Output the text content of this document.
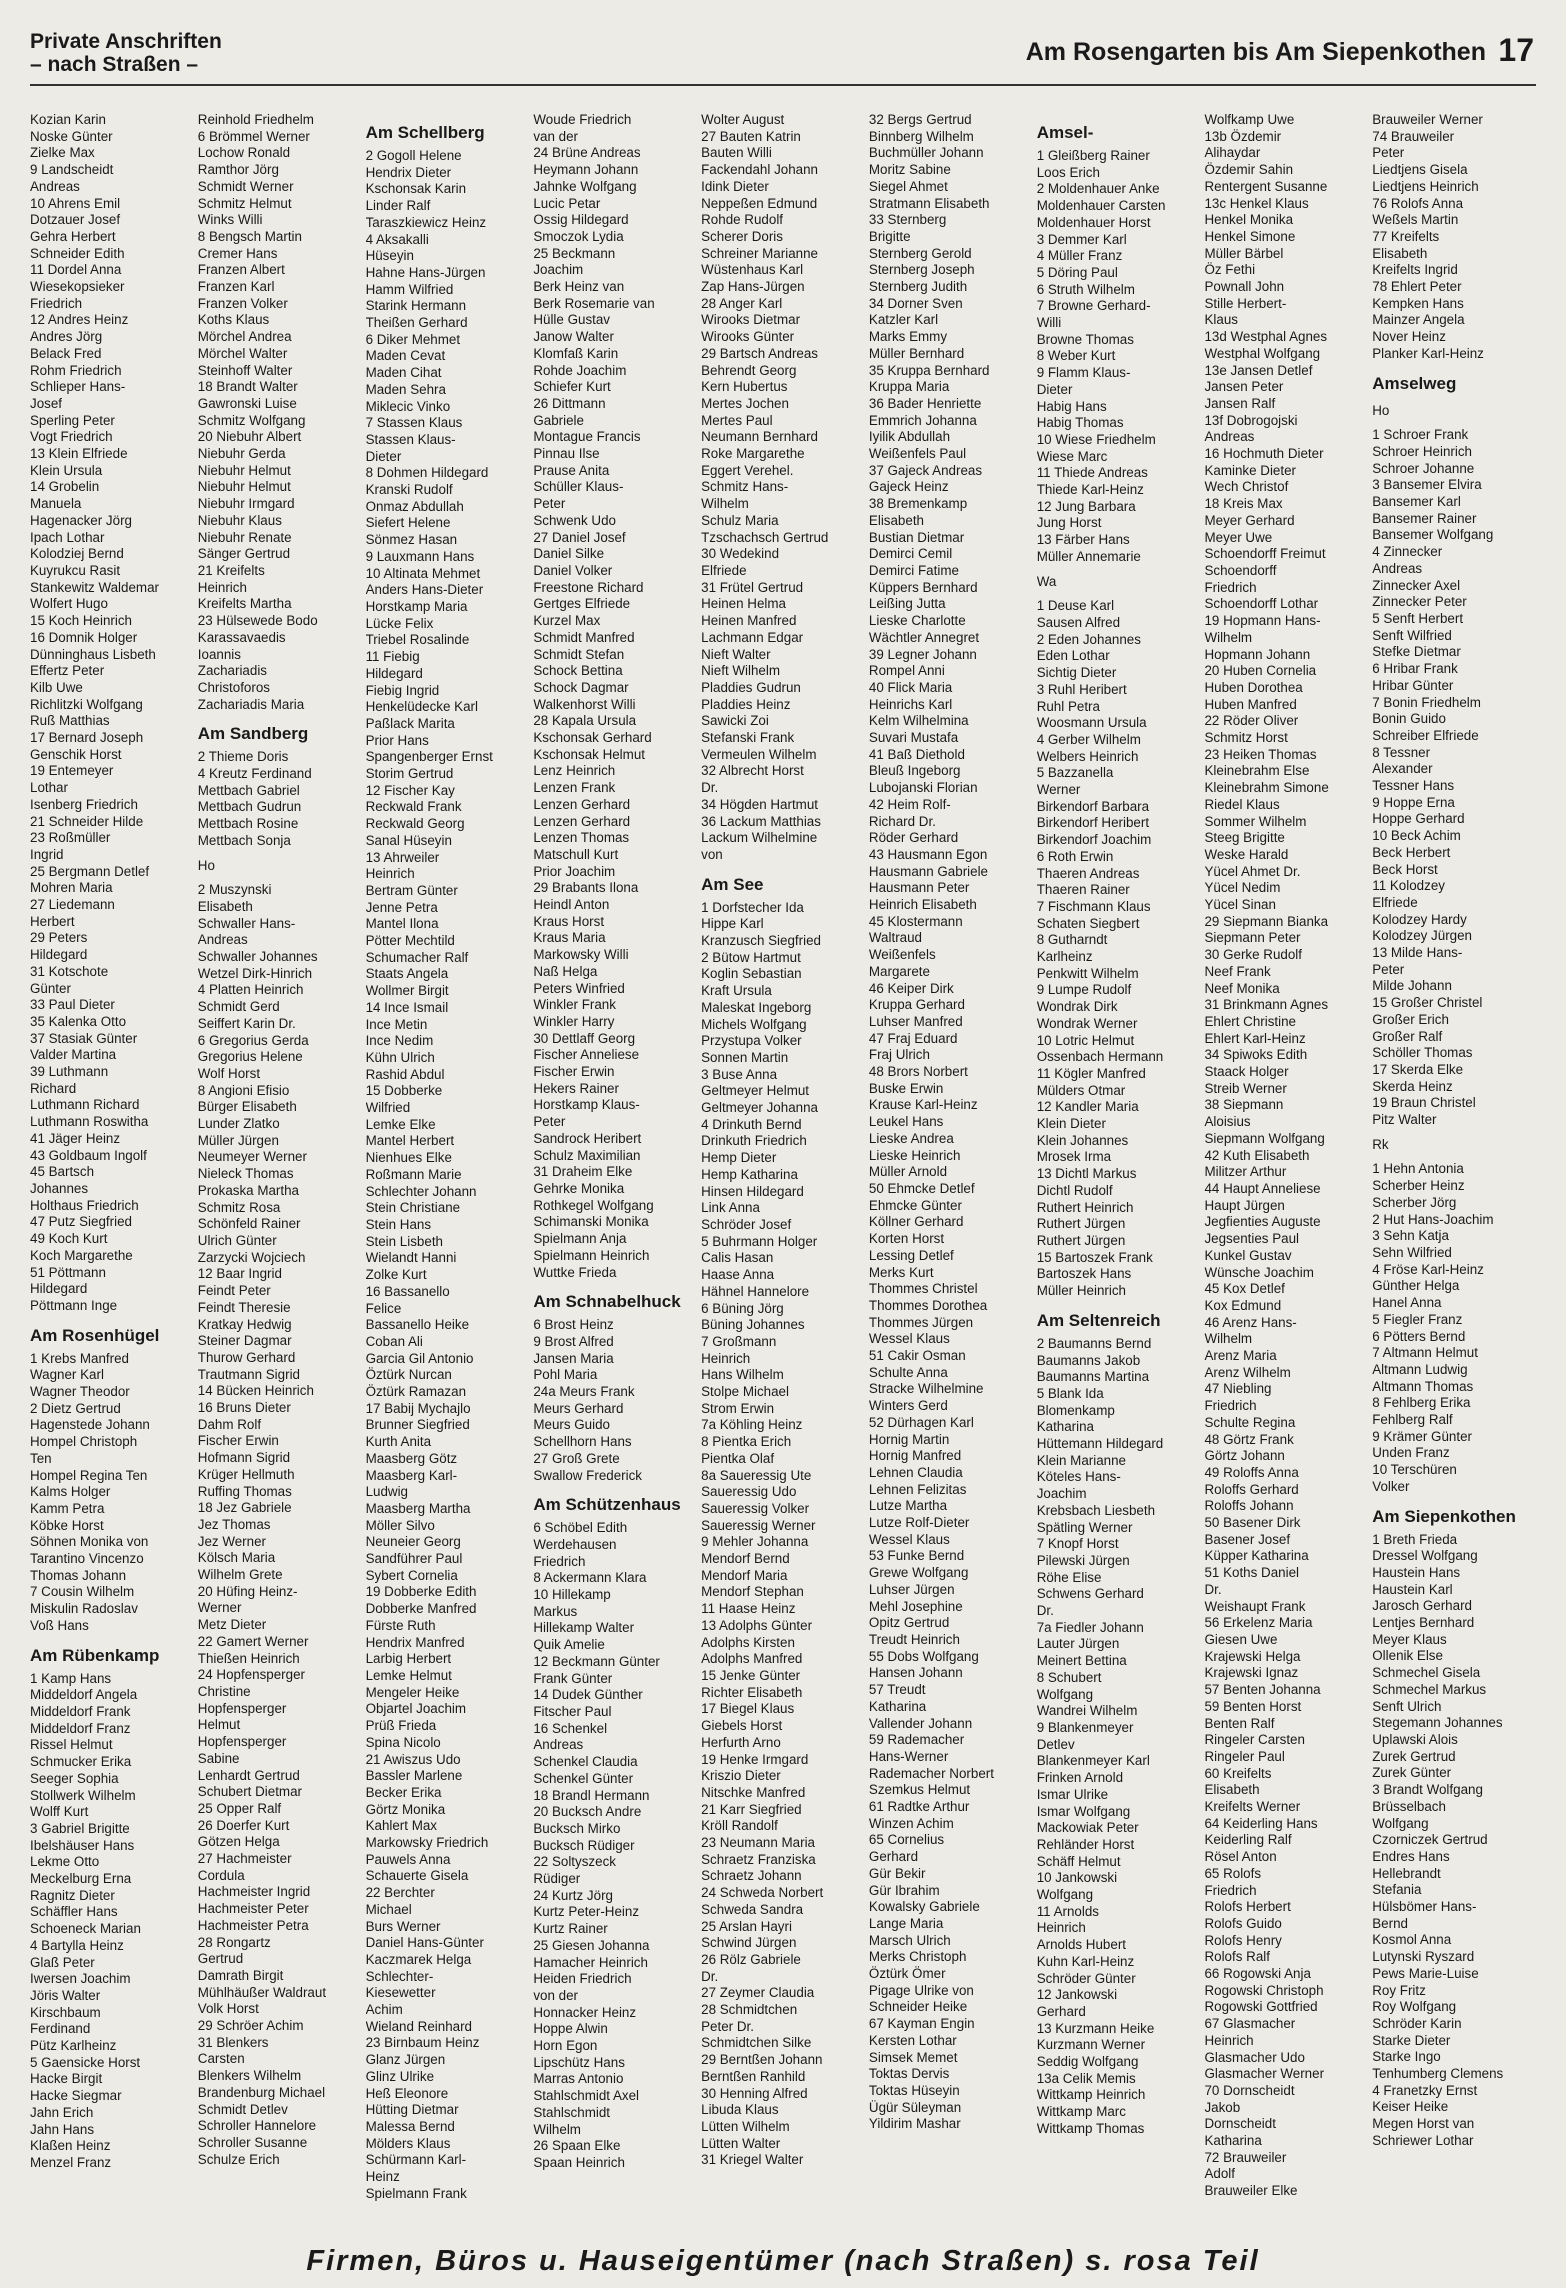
Private Anschriften
– nach Straßen –	Am Rosengarten bis Am Siepenkothen 17
Kozian Karin
Noske Günter
Zielke Max
9 Landscheidt
Andreas
10 Ahrens Emil
Dotzauer Josef
Gehra Herbert
Schneider Edith
11 Dordel Anna
Wiesekopsieker
Friedrich
12 Andres Heinz
Andres Jörg
Belack Fred
Rohm Friedrich
Schlieper Hans-
Josef
Sperling Peter
Vogt Friedrich
13 Klein Elfriede
Klein Ursula
14 Grobelin
Manuela
Hagenacker Jörg
Ipach Lothar
Kolodziej Bernd
Kuyrukcu Rasit
Stankewitz Waldemar
Wolfert Hugo
15 Koch Heinrich
16 Domnik Holger
Dünninghaus Lisbeth
Effertz Peter
Kilb Uwe
Richlitzki Wolfgang
Ruß Matthias
17 Bernard Joseph
Genschik Horst
19 Entemeyer
Lothar
Isenberg Friedrich
21 Schneider Hilde
23 Roßmüller
Ingrid
25 Bergmann Detlef
Mohren Maria
27 Liedemann
Herbert
29 Peters
Hildegard
31 Kotschote
Günter
33 Paul Dieter
35 Kalenka Otto
37 Stasiak Günter
Valder Martina
39 Luthmann
Richard
Luthmann Richard
Luthmann Roswitha
41 Jäger Heinz
43 Goldbaum Ingolf
45 Bartsch
Johannes
Holthaus Friedrich
47 Putz Siegfried
49 Koch Kurt
Koch Margarethe
51 Pöttmann
Hildegard
Pöttmann Inge
Am Rosenhügel
1 Krebs Manfred
Wagner Karl
Wagner Theodor
2 Dietz Gertrud
Hagenstede Johann
Hompel Christoph
Ten
Hompel Regina Ten
Kalms Holger
Kamm Petra
Köbke Horst
Söhnen Monika von
Tarantino Vincenzo
Thomas Johann
7 Cousin Wilhelm
Miskulin Radoslav
Voß Hans
Am Rübenkamp
1 Kamp Hans
Middeldorf Angela
Middeldorf Frank
Middeldorf Franz
Rissel Helmut
Schmucker Erika
Seeger Sophia
Stollwerk Wilhelm
Wolff Kurt
3 Gabriel Brigitte
Ibelshäuser Hans
Lekme Otto
Meckelburg Erna
Ragnitz Dieter
Schäffler Hans
Schoeneck Marian
4 Bartylla Heinz
Glaß Peter
Iwersen Joachim
Jöris Walter
Kirschbaum
Ferdinand
Pütz Karlheinz
5 Gaensicke Horst
Hacke Birgit
Hacke Siegmar
Jahn Erich
Jahn Hans
Klaßen Heinz
Menzel Franz
Reinhold Friedhelm
6 Brömmel Werner
Lochow Ronald
Ramthor Jörg
Schmidt Werner
Schmitz Helmut
Winks Willi
8 Bengsch Martin
Cremer Hans
Franzen Albert
Franzen Karl
Franzen Volker
Koths Klaus
Mörchel Andrea
Mörchel Walter
Steinhoff Walter
18 Brandt Walter
Gawronski Luise
Schmitz Wolfgang
20 Niebuhr Albert
Niebuhr Gerda
Niebuhr Helmut
Niebuhr Helmut
Niebuhr Irmgard
Niebuhr Klaus
Niebuhr Renate
Sänger Gertrud
21 Kreifelts
Heinrich
Kreifelts Martha
23 Hülsewede Bodo
Karassavaedis
Ioannis
Zachariadis
Christoforos
Zachariadis Maria
Am Sandberg
2 Thieme Doris
4 Kreutz Ferdinand
Mettbach Gabriel
Mettbach Gudrun
Mettbach Rosine
Mettbach Sonja
Ho
2 Muszynski
Elisabeth
Schwaller Hans-
Andreas
Schwaller Johannes
Wetzel Dirk-Hinrich
4 Platten Heinrich
Schmidt Gerd
Seiffert Karin Dr.
6 Gregorius Gerda
Gregorius Helene
Wolf Horst
8 Angioni Efisio
Bürger Elisabeth
Lunder Zlatko
Müller Jürgen
Neumeyer Werner
Nieleck Thomas
Prokaska Martha
Schmitz Rosa
Schönfeld Rainer
Ulrich Günter
Zarzycki Wojciech
12 Baar Ingrid
Feindt Peter
Feindt Theresie
Kratkay Hedwig
Steiner Dagmar
Thurow Gerhard
Trautmann Sigrid
14 Bücken Heinrich
16 Bruns Dieter
Dahm Rolf
Fischer Erwin
Hofmann Sigrid
Krüger Hellmuth
Ruffing Thomas
18 Jez Gabriele
Jez Thomas
Jez Werner
Kölsch Maria
Wilhelm Grete
20 Hüfing Heinz-
Werner
Metz Dieter
22 Gamert Werner
Thießen Heinrich
24 Hopfensperger
Christine
Hopfensperger
Helmut
Hopfensperger
Sabine
Lenhardt Gertrud
Schubert Dietmar
25 Opper Ralf
26 Doerfer Kurt
Götzen Helga
27 Hachmeister
Cordula
Hachmeister Ingrid
Hachmeister Peter
Hachmeister Petra
28 Rongartz
Gertrud
Damrath Birgit
Mühlhäußer Waldraut
Volk Horst
29 Schröer Achim
31 Blenkers
Carsten
Blenkers Wilhelm
Brandenburg Michael
Schmidt Detlev
Schroller Hannelore
Schroller Susanne
Schulze Erich
Am Schellberg
2 Gogoll Helene
Hendrix Dieter
Kschonsak Karin
Linder Ralf
Taraszkiewicz Heinz
4 Aksakalli
Hüseyin
Hahne Hans-Jürgen
Hamm Wilfried
Starink Hermann
Theißen Gerhard
6 Diker Mehmet
Maden Cevat
Maden Cihat
Maden Sehra
Miklecic Vinko
7 Stassen Klaus
Stassen Klaus-
Dieter
8 Dohmen Hildegard
Kranski Rudolf
Onmaz Abdullah
Siefert Helene
Sönmez Hasan
9 Lauxmann Hans
10 Altinata Mehmet
Anders Hans-Dieter
Horstkamp Maria
Lücke Felix
Triebel Rosalinde
11 Fiebig
Hildegard
Fiebig Ingrid
Henkelüdecke Karl
Paßlack Marita
Prior Hans
Spangenberger Ernst
Storim Gertrud
12 Fischer Kay
Reckwald Frank
Reckwald Georg
Sanal Hüseyin
13 Ahrweiler
Heinrich
Bertram Günter
Jenne Petra
Mantel Ilona
Pötter Mechtild
Schumacher Ralf
Staats Angela
Wollmer Birgit
14 Ince Ismail
Ince Metin
Ince Nedim
Kühn Ulrich
Rashid Abdul
15 Dobberke
Wilfried
Lemke Elke
Mantel Herbert
Nienhues Elke
Roßmann Marie
Schlechter Johann
Stein Christiane
Stein Hans
Stein Lisbeth
Wielandt Hanni
Zolke Kurt
16 Bassanello
Felice
Bassanello Heike
Coban Ali
Garcia Gil Antonio
Öztürk Nurcan
Öztürk Ramazan
17 Babij Mychajlo
Brunner Siegfried
Kurth Anita
Maasberg Götz
Maasberg Karl-
Ludwig
Maasberg Martha
Möller Silvo
Neuneier Georg
Sandführer Paul
Sybert Cornelia
19 Dobberke Edith
Dobberke Manfred
Fürste Ruth
Hendrix Manfred
Larbig Herbert
Lemke Helmut
Mengeler Heike
Objartel Joachim
Prüß Frieda
Spina Nicolo
21 Awiszus Udo
Bassler Marlene
Becker Erika
Görtz Monika
Kahlert Max
Markowsky Friedrich
Pauwels Anna
Schauerte Gisela
22 Berchter
Michael
Burs Werner
Daniel Hans-Günter
Kaczmarek Helga
Schlechter-
Kiesewetter
Achim
Wieland Reinhard
23 Birnbaum Heinz
Glanz Jürgen
Glinz Ulrike
Heß Eleonore
Hütting Dietmar
Malessa Bernd
Mölders Klaus
Schürmann Karl-
Heinz
Spielmann Frank
Woude Friedrich
van der
24 Brüne Andreas
Heymann Johann
Jahnke Wolfgang
Lucic Petar
Ossig Hildegard
Smoczok Lydia
25 Beckmann
Joachim
Berk Heinz van
Berk Rosemarie van
Hülle Gustav
Janow Walter
Klomfaß Karin
Rohde Joachim
Schiefer Kurt
26 Dittmann
Gabriele
Montague Francis
Pinnau Ilse
Prause Anita
Schüller Klaus-
Peter
Schwenk Udo
27 Daniel Josef
Daniel Silke
Daniel Volker
Freestone Richard
Gertges Elfriede
Kurzel Max
Schmidt Manfred
Schmidt Stefan
Schock Bettina
Schock Dagmar
Walkenhorst Willi
28 Kapala Ursula
Kschonsak Gerhard
Kschonsak Helmut
Lenz Heinrich
Lenzen Frank
Lenzen Gerhard
Lenzen Gerhard
Lenzen Thomas
Matschull Kurt
Prior Joachim
29 Brabants Ilona
Heindl Anton
Kraus Horst
Kraus Maria
Markowsky Willi
Naß Helga
Peters Winfried
Winkler Frank
Winkler Harry
30 Dettlaff Georg
Fischer Anneliese
Fischer Erwin
Hekers Rainer
Horstkamp Klaus-
Peter
Sandrock Heribert
Schulz Maximilian
31 Draheim Elke
Gehrke Monika
Rothkegel Wolfgang
Schimanski Monika
Spielmann Anja
Spielmann Heinrich
Wuttke Frieda
Am Schnabelhuck
6 Brost Heinz
9 Brost Alfred
Jansen Maria
Pohl Maria
24a Meurs Frank
Meurs Gerhard
Meurs Guido
Schellhorn Hans
27 Groß Grete
Swallow Frederick
Am Schützenhaus
6 Schöbel Edith
Werdehausen
Friedrich
8 Ackermann Klara
10 Hillekamp
Markus
Hillekamp Walter
Quik Amelie
12 Beckmann Günter
Frank Günter
14 Dudek Günther
Fitscher Paul
16 Schenkel
Andreas
Schenkel Claudia
Schenkel Günter
18 Brandl Hermann
20 Bucksch Andre
Bucksch Mirko
Bucksch Rüdiger
22 Soltyszeck
Rüdiger
24 Kurtz Jörg
Kurtz Peter-Heinz
Kurtz Rainer
25 Giesen Johanna
Hamacher Heinrich
Heiden Friedrich
von der
Honnacker Heinz
Hoppe Alwin
Horn Egon
Lipschütz Hans
Marras Antonio
Stahlschmidt Axel
Stahlschmidt
Wilhelm
26 Spaan Elke
Spaan Heinrich
Wolter August
27 Bauten Katrin
Bauten Willi
Fackendahl Johann
Idink Dieter
Neppeßen Edmund
Rohde Rudolf
Scherer Doris
Schreiner Marianne
Wüstenhaus Karl
Zap Hans-Jürgen
28 Anger Karl
Wirooks Dietmar
Wirooks Günter
29 Bartsch Andreas
Behrendt Georg
Kern Hubertus
Mertes Jochen
Mertes Paul
Neumann Bernhard
Roke Margarethe
Eggert Verehel.
Schmitz Hans-
Wilhelm
Schulz Maria
Tzschachsch Gertrud
30 Wedekind
Elfriede
31 Frütel Gertrud
Heinen Helma
Heinen Manfred
Lachmann Edgar
Nieft Walter
Nieft Wilhelm
Pladdies Gudrun
Pladdies Heinz
Sawicki Zoi
Stefanski Frank
Vermeulen Wilhelm
32 Albrecht Horst
Dr.
34 Högden Hartmut
36 Lackum Matthias
Lackum Wilhelmine
von
Am See
1 Dorfstecher Ida
Hippe Karl
Kranzusch Siegfried
2 Bütow Hartmut
Koglin Sebastian
Kraft Ursula
Maleskat Ingeborg
Michels Wolfgang
Przystupa Volker
Sonnen Martin
3 Buse Anna
Geltmeyer Helmut
Geltmeyer Johanna
4 Drinkuth Bernd
Drinkuth Friedrich
Hemp Dieter
Hemp Katharina
Hinsen Hildegard
Link Anna
Schröder Josef
5 Buhrmann Holger
Calis Hasan
Haase Anna
Hähnel Hannelore
6 Büning Jörg
Büning Johannes
7 Großmann
Heinrich
Hans Wilhelm
Stolpe Michael
Strom Erwin
7a Köhling Heinz
8 Pientka Erich
Pientka Olaf
8a Saueressig Ute
Saueressig Udo
Saueressig Volker
Saueressig Werner
9 Mehler Johanna
Mendorf Bernd
Mendorf Maria
Mendorf Stephan
11 Haase Heinz
13 Adolphs Günter
Adolphs Kirsten
Adolphs Manfred
15 Jenke Günter
Richter Elisabeth
17 Biegel Klaus
Giebels Horst
Herfurth Arno
19 Henke Irmgard
Kriszio Dieter
Nitschke Manfred
21 Karr Siegfried
Kröll Randolf
23 Neumann Maria
Schraetz Franziska
Schraetz Johann
24 Schweda Norbert
Schweda Sandra
25 Arslan Hayri
Schwind Jürgen
26 Rölz Gabriele
Dr.
27 Zeymer Claudia
28 Schmidtchen
Peter Dr.
Schmidtchen Silke
29 Berntßen Johann
Berntßen Ranhild
30 Henning Alfred
Libuda Klaus
Lütten Wilhelm
Lütten Walter
31 Kriegel Walter
32 Bergs Gertrud
Binnberg Wilhelm
Buchmüller Johann
Moritz Sabine
Siegel Ahmet
Stratmann Elisabeth
33 Sternberg
Brigitte
Sternberg Gerold
Sternberg Joseph
Sternberg Judith
34 Dorner Sven
Katzler Karl
Marks Emmy
Müller Bernhard
35 Kruppa Bernhard
Kruppa Maria
36 Bader Henriette
Emmrich Johanna
Iyilik Abdullah
Weißenfels Paul
37 Gajeck Andreas
Gajeck Heinz
38 Bremenkamp
Elisabeth
Bustian Dietmar
Demirci Cemil
Demirci Fatime
Küppers Bernhard
Leißing Jutta
Lieske Charlotte
Wächtler Annegret
39 Legner Johann
Rompel Anni
40 Flick Maria
Heinrichs Karl
Kelm Wilhelmina
Suvari Mustafa
41 Baß Diethold
Bleuß Ingeborg
Lubojanski Florian
42 Heim Rolf-
Richard Dr.
Röder Gerhard
43 Hausmann Egon
Hausmann Gabriele
Hausmann Peter
Heinrich Elisabeth
45 Klostermann
Waltraud
Weißenfels
Margarete
46 Keiper Dirk
Kruppa Gerhard
Luhser Manfred
47 Fraj Eduard
Fraj Ulrich
48 Brors Norbert
Buske Erwin
Krause Karl-Heinz
Leukel Hans
Lieske Andrea
Lieske Heinrich
Müller Arnold
50 Ehmcke Detlef
Ehmcke Günter
Köllner Gerhard
Korten Horst
Lessing Detlef
Merks Kurt
Thommes Christel
Thommes Dorothea
Thommes Jürgen
Wessel Klaus
51 Cakir Osman
Schulte Anna
Stracke Wilhelmine
Winters Gerd
52 Dürhagen Karl
Hornig Martin
Hornig Manfred
Lehnen Claudia
Lehnen Felizitas
Lutze Martha
Lutze Rolf-Dieter
Wessel Klaus
53 Funke Bernd
Grewe Wolfgang
Luhser Jürgen
Mehl Josephine
Opitz Gertrud
Treudt Heinrich
55 Dobs Wolfgang
Hansen Johann
57 Treudt
Katharina
Vallender Johann
59 Rademacher
Hans-Werner
Rademacher Norbert
Szemkus Helmut
61 Radtke Arthur
Winzen Achim
65 Cornelius
Gerhard
Gür Bekir
Gür Ibrahim
Kowalsky Gabriele
Lange Maria
Marsch Ulrich
Merks Christoph
Öztürk Ömer
Pigage Ulrike von
Schneider Heike
67 Kayman Engin
Kersten Lothar
Simsek Memet
Toktas Dervis
Toktas Hüseyin
Ügür Süleyman
Yildirim Mashar
Amsel-
1 Gleißberg Rainer
Loos Erich
2 Moldenhauer Anke
Moldenhauer Carsten
Moldenhauer Horst
3 Demmer Karl
4 Müller Franz
5 Döring Paul
6 Struth Wilhelm
7 Browne Gerhard-
Willi
Browne Thomas
8 Weber Kurt
9 Flamm Klaus-
Dieter
Habig Hans
Habig Thomas
10 Wiese Friedhelm
Wiese Marc
11 Thiede Andreas
Thiede Karl-Heinz
12 Jung Barbara
Jung Horst
13 Färber Hans
Müller Annemarie
Wa
1 Deuse Karl
Sausen Alfred
2 Eden Johannes
Eden Lothar
Sichtig Dieter
3 Ruhl Heribert
Ruhl Petra
Woosmann Ursula
4 Gerber Wilhelm
Welbers Heinrich
5 Bazzanella
Werner
Birkendorf Barbara
Birkendorf Heribert
Birkendorf Joachim
6 Roth Erwin
Thaeren Andreas
Thaeren Rainer
7 Fischmann Klaus
Schaten Siegbert
8 Gutharndt
Karlheinz
Penkwitt Wilhelm
9 Lumpe Rudolf
Wondrak Dirk
Wondrak Werner
10 Lotric Helmut
Ossenbach Hermann
11 Kögler Manfred
Mülders Otmar
12 Kandler Maria
Klein Dieter
Klein Johannes
Mrosek Irma
13 Dichtl Markus
Dichtl Rudolf
Ruthert Heinrich
Ruthert Jürgen
Ruthert Jürgen
15 Bartoszek Frank
Bartoszek Hans
Müller Heinrich
Am Seltenreich
2 Baumanns Bernd
Baumanns Jakob
Baumanns Martina
5 Blank Ida
Blomenkamp
Katharina
Hüttemann Hildegard
Klein Marianne
Köteles Hans-
Joachim
Krebsbach Liesbeth
Spätling Werner
7 Knopf Horst
Pilewski Jürgen
Röhe Elise
Schwens Gerhard
Dr.
7a Fiedler Johann
Lauter Jürgen
Meinert Bettina
8 Schubert
Wolfgang
Wandrei Wilhelm
9 Blankenmeyer
Detlev
Blankenmeyer Karl
Frinken Arnold
Ismar Ulrike
Ismar Wolfgang
Mackowiak Peter
Rehländer Horst
Schäff Helmut
10 Jankowski
Wolfgang
11 Arnolds
Heinrich
Arnolds Hubert
Kuhn Karl-Heinz
Schröder Günter
12 Jankowski
Gerhard
13 Kurzmann Heike
Kurzmann Werner
Seddig Wolfgang
13a Celik Memis
Wittkamp Heinrich
Wittkamp Marc
Wittkamp Thomas
Wolfkamp Uwe
13b Özdemir
Alihaydar
Özdemir Sahin
Rentergent Susanne
13c Henkel Klaus
Henkel Monika
Henkel Simone
Müller Bärbel
Öz Fethi
Pownall John
Stille Herbert-
Klaus
13d Westphal Agnes
Westphal Wolfgang
13e Jansen Detlef
Jansen Peter
Jansen Ralf
13f Dobrogojski
Andreas
16 Hochmuth Dieter
Kaminke Dieter
Wech Christof
18 Kreis Max
Meyer Gerhard
Meyer Uwe
Schoendorff Freimut
Schoendorff
Friedrich
Schoendorff Lothar
19 Hopmann Hans-
Wilhelm
Hopmann Johann
20 Huben Cornelia
Huben Dorothea
Huben Manfred
22 Röder Oliver
Schmitz Horst
23 Heiken Thomas
Kleinebrahm Else
Kleinebrahm Simone
Riedel Klaus
Sommer Wilhelm
Steeg Brigitte
Weske Harald
Yücel Ahmet Dr.
Yücel Nedim
Yücel Sinan
29 Siepmann Bianka
Siepmann Peter
30 Gerke Rudolf
Neef Frank
Neef Monika
31 Brinkmann Agnes
Ehlert Christine
Ehlert Karl-Heinz
34 Spiwoks Edith
Staack Holger
Streib Werner
38 Siepmann
Aloisius
Siepmann Wolfgang
42 Kuth Elisabeth
Militzer Arthur
44 Haupt Anneliese
Haupt Jürgen
Jegfienties Auguste
Jegsenties Paul
Kunkel Gustav
Wünsche Joachim
45 Kox Detlef
Kox Edmund
46 Arenz Hans-
Wilhelm
Arenz Maria
Arenz Wilhelm
47 Niebling
Friedrich
Schulte Regina
48 Görtz Frank
Görtz Johann
49 Roloffs Anna
Roloffs Gerhard
Roloffs Johann
50 Basener Dirk
Basener Josef
Küpper Katharina
51 Koths Daniel
Dr.
Weishaupt Frank
56 Erkelenz Maria
Giesen Uwe
Krajewski Helga
Krajewski Ignaz
57 Benten Johanna
59 Benten Horst
Benten Ralf
Ringeler Carsten
Ringeler Paul
60 Kreifelts
Elisabeth
Kreifelts Werner
64 Keiderling Hans
Keiderling Ralf
Rösel Anton
65 Rolofs
Friedrich
Rolofs Herbert
Rolofs Guido
Rolofs Henry
Rolofs Ralf
66 Rogowski Anja
Rogowski Christoph
Rogowski Gottfried
67 Glasmacher
Heinrich
Glasmacher Udo
Glasmacher Werner
70 Dornscheidt
Jakob
Dornscheidt
Katharina
72 Brauweiler
Adolf
Brauweiler Elke
Brauweiler Werner
74 Brauweiler
Peter
Liedtjens Gisela
Liedtjens Heinrich
76 Rolofs Anna
Weßels Martin
77 Kreifelts
Elisabeth
Kreifelts Ingrid
78 Ehlert Peter
Kempken Hans
Mainzer Angela
Nover Heinz
Planker Karl-Heinz
Amselweg
Ho
1 Schroer Frank
Schroer Heinrich
Schroer Johanne
3 Bansemer Elvira
Bansemer Karl
Bansemer Rainer
Bansemer Wolfgang
4 Zinnecker
Andreas
Zinnecker Axel
Zinnecker Peter
5 Senft Herbert
Senft Wilfried
Stefke Dietmar
6 Hribar Frank
Hribar Günter
7 Bonin Friedhelm
Bonin Guido
Schreiber Elfriede
8 Tessner
Alexander
Tessner Hans
9 Hoppe Erna
Hoppe Gerhard
10 Beck Achim
Beck Herbert
Beck Horst
11 Kolodzey
Elfriede
Kolodzey Hardy
Kolodzey Jürgen
13 Milde Hans-
Peter
Milde Johann
15 Großer Christel
Großer Erich
Großer Ralf
Schöller Thomas
17 Skerda Elke
Skerda Heinz
19 Braun Christel
Pitz Walter
Rk
1 Hehn Antonia
Scherber Heinz
Scherber Jörg
2 Hut Hans-Joachim
3 Sehn Katja
Sehn Wilfried
4 Fröse Karl-Heinz
Günther Helga
Hanel Anna
5 Fiegler Franz
6 Pötters Bernd
7 Altmann Helmut
Altmann Ludwig
Altmann Thomas
8 Fehlberg Erika
Fehlberg Ralf
9 Krämer Günter
Unden Franz
10 Terschüren
Volker
Am Siepenkothen
1 Breth Frieda
Dressel Wolfgang
Haustein Hans
Haustein Karl
Jarosch Gerhard
Lentjes Bernhard
Meyer Klaus
Ollenik Else
Schmechel Gisela
Schmechel Markus
Senft Ulrich
Stegemann Johannes
Uplawski Alois
Zurek Gertrud
Zurek Günter
3 Brandt Wolfgang
Brüsselbach
Wolfgang
Czorniczek Gertrud
Endres Hans
Hellebrandt
Stefania
Hülsbömer Hans-
Bernd
Kosmol Anna
Lutynski Ryszard
Pews Marie-Luise
Roy Fritz
Roy Wolfgang
Schröder Karin
Starke Dieter
Starke Ingo
Tenhumberg Clemens
4 Franetzky Ernst
Keiser Heike
Megen Horst van
Schriewer Lothar
Firmen, Büros u. Hauseigentümer (nach Straßen) s. rosa Teil
